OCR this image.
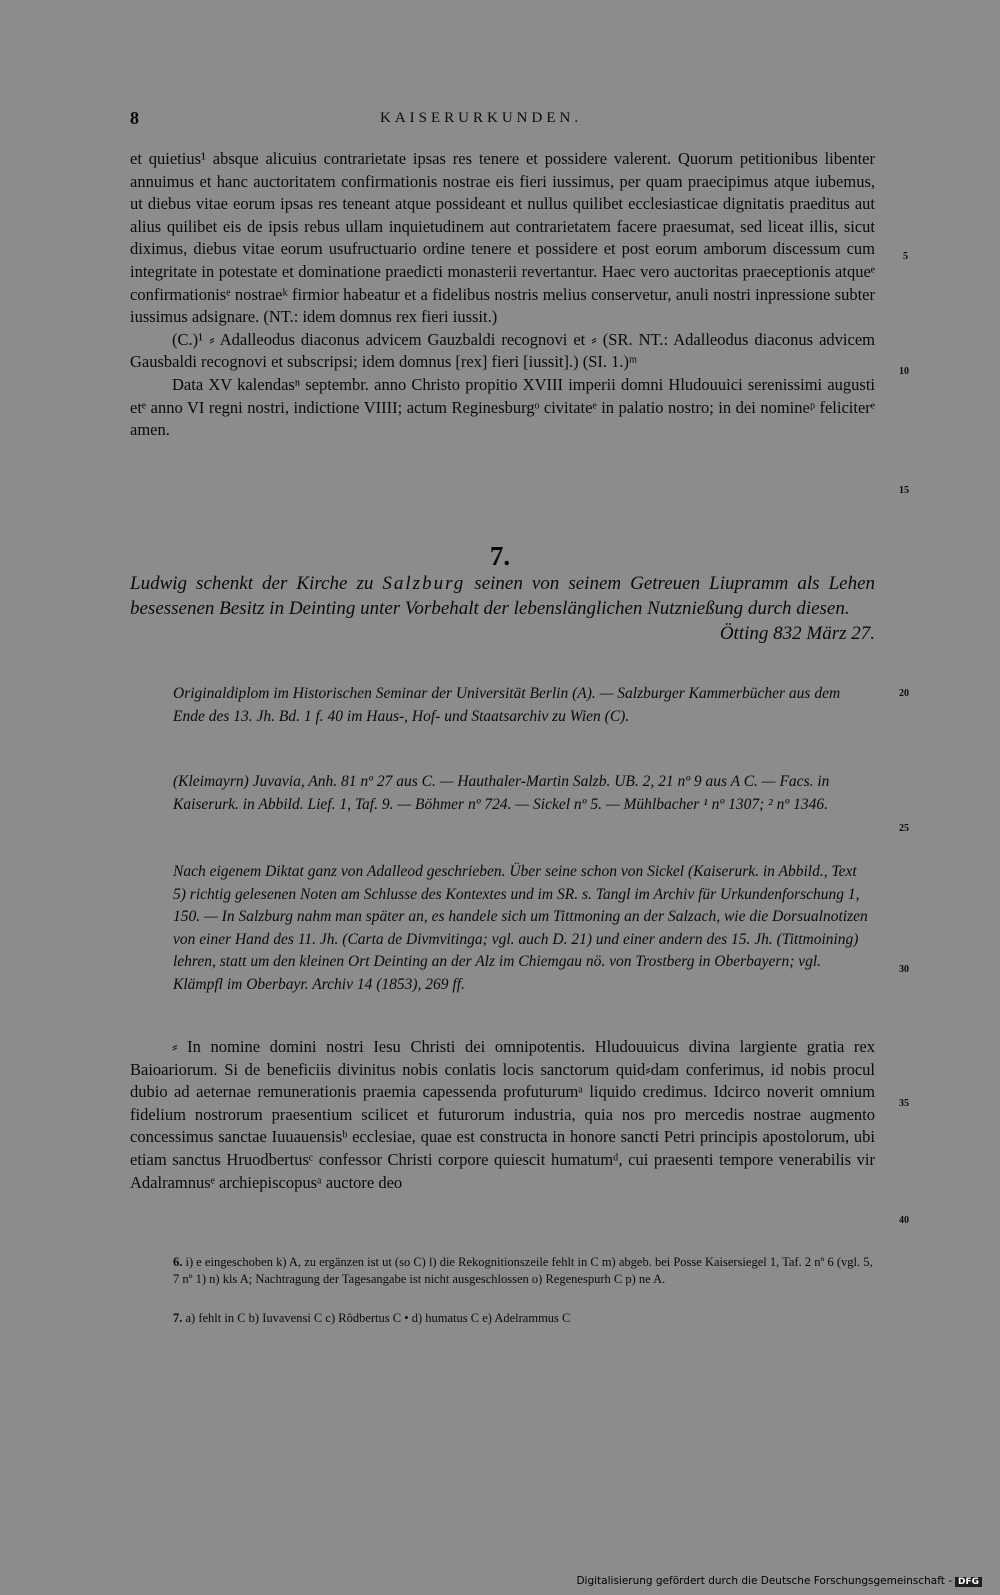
8	KAISERURKUNDEN.

et quietius¹ absque alicuius contrarietate ipsas res tenere et possidere valerent. Quorum petitionibus libenter annuimus et hanc auctoritatem confirmationis nostrae eis fieri iussimus, per quam praecipimus atque iubemus, ut diebus vitae eorum ipsas res teneant atque possideant et nullus quilibet ecclesiasticae dignitatis praeditus aut alius quilibet eis de ipsis rebus ullam inquietudinem aut contrarietatem facere praesumat, sed liceat illis, sicut diximus, diebus vitae eorum usufructuario ordine tenere et possidere et post eorum amborum discessum cum integritate in potestate et dominatione praedicti monasterii revertantur. Haec vero auctoritas praeceptionis atqueᵉ confirmationisᵉ nostraeᵏ firmior habeatur et a fidelibus nostris melius conservetur, anuli nostri inpressione subter iussimus adsignare. (NT.: idem domnus rex fieri iussit.)

(C.)¹ ⸗ Adalleodus diaconus advicem Gauzbaldi recognovi et ⸗ (SR. NT.: Adalleodus diaconus advicem Gausbaldi recognovi et subscripsi; idem domnus [rex] fieri [iussit].) (SI. 1.)ᵐ

Data XV kalendasⁿ septembr. anno Christo propitio XVIII imperii domni Hludouuici serenissimi augusti etᵉ anno VI regni nostri, indictione VIIII; actum Reginesburgᵒ civitateᵉ in palatio nostro; in dei nomineᵖ feliciterᵉ amen.

7.
Ludwig schenkt der Kirche zu Salzburg seinen von seinem Getreuen Liupramm als Lehen besessenen Besitz in Deinting unter Vorbehalt der lebenslänglichen Nutznießung durch diesen.
Ötting 832 März 27.
Originaldiplom im Historischen Seminar der Universität Berlin (A). — Salzburger Kammerbücher aus dem Ende des 13. Jh. Bd. 1 f. 40 im Haus-, Hof- und Staatsarchiv zu Wien (C).
(Kleimayrn) Juvavia, Anh. 81 nº 27 aus C. — Hauthaler-Martin Salzb. UB. 2, 21 nº 9 aus A C. — Facs. in Kaiserurk. in Abbild. Lief. 1, Taf. 9. — Böhmer nº 724. — Sickel nº 5. — Mühlbacher ¹ nº 1307; ² nº 1346.
Nach eigenem Diktat ganz von Adalleod geschrieben. Über seine schon von Sickel (Kaiserurk. in Abbild., Text 5) richtig gelesenen Noten am Schlusse des Kontextes und im SR. s. Tangl im Archiv für Urkundenforschung 1, 150. — In Salzburg nahm man später an, es handele sich um Tittmoning an der Salzach, wie die Dorsualnotizen von einer Hand des 11. Jh. (Carta de Divmvitinga; vgl. auch D. 21) und einer andern des 15. Jh. (Tittmoining) lehren, statt um den kleinen Ort Deinting an der Alz im Chiemgau nö. von Trostberg in Oberbayern; vgl. Klämpfl im Oberbayr. Archiv 14 (1853), 269 ff.

⸗ In nomine domini nostri Iesu Christi dei omnipotentis. Hludouuicus divina largiente gratia rex Baioariorum. Si de beneficiis divinitus nobis conlatis locis sanctorum quid⸗dam conferimus, id nobis procul dubio ad aeternae remunerationis praemia capessenda profuturumᵃ liquido credimus. Idcirco noverit omnium fidelium nostrorum praesentium scilicet et futurorum industria, quia nos pro mercedis nostrae augmento concessimus sanctae Iuuauensisᵇ ecclesiae, quae est constructa in honore sancti Petri principis apostolorum, ubi etiam sanctus Hruodbertusᶜ confessor Christi corpore quiescit humatumᵈ, cui praesenti tempore venerabilis vir Adalramnusᵉ archiepiscopusᵃ auctore deo

5
10
15
20
25
30
35
40
6. i) e eingeschoben k) A, zu ergänzen ist ut (so C) l) die Rekognitionszeile fehlt in C m) abgeb. bei Posse Kaisersiegel 1, Taf. 2 nº 6 (vgl. 5, 7 nº 1) n) kls A; Nachtragung der Tagesangabe ist nicht ausgeschlossen o) Regenespurh C p) ne A.
7. a) fehlt in C b) Iuvavensi C c) Rôdbertus C • d) humatus C e) Adelrammus C
Digitalisierung gefördert durch die Deutsche Forschungsgemeinschaft - DFG
